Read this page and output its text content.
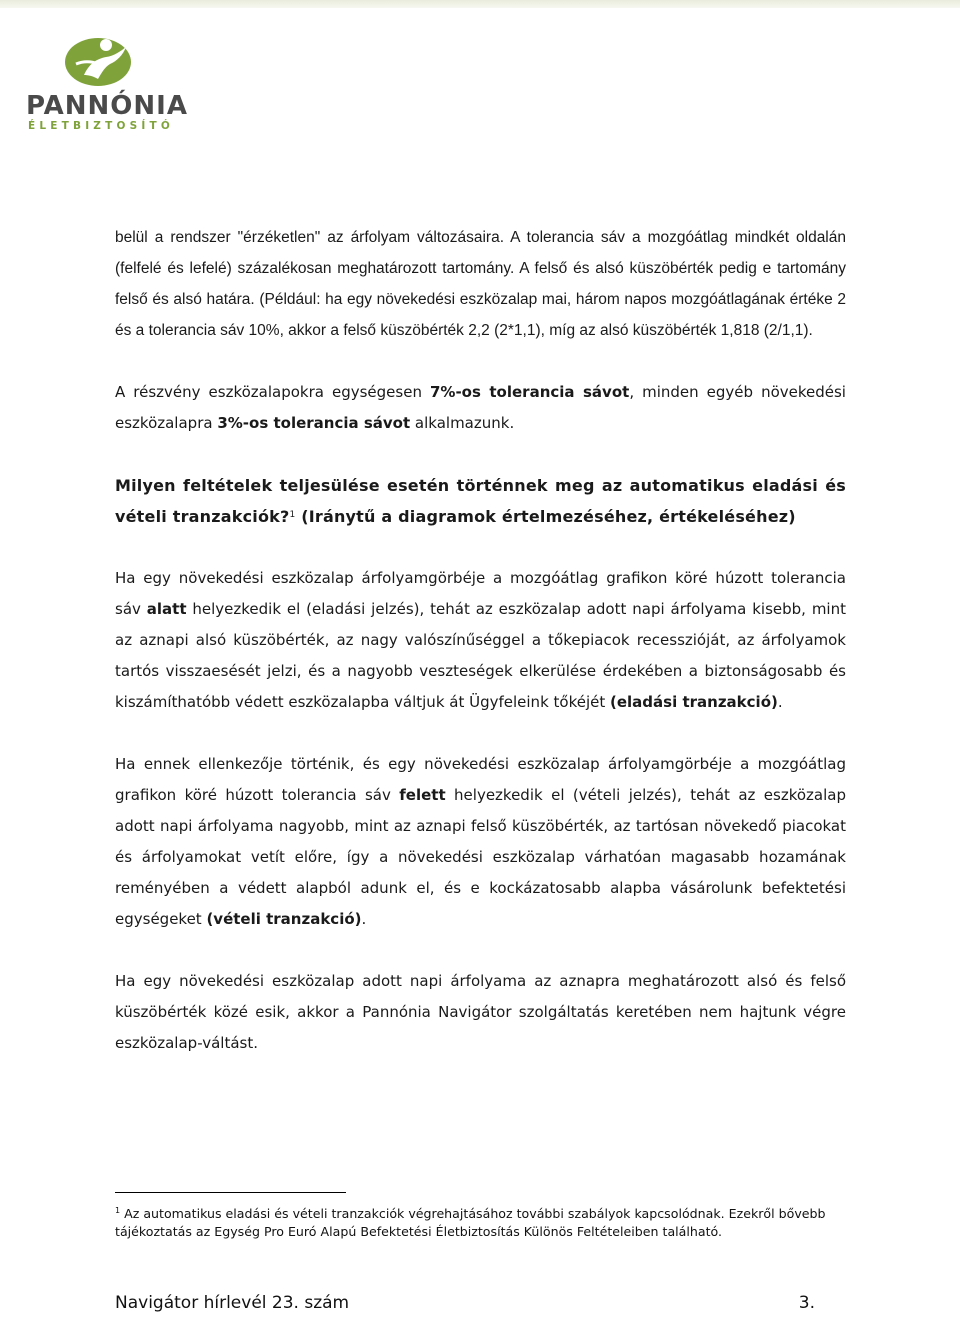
PANNÓNIA
ÉLETBIZTOSÍTÓ

belül a rendszer "érzéketlen" az árfolyam változásaira. A tolerancia sáv a mozgóátlag mindkét oldalán (felfelé és lefelé) százalékosan meghatározott tartomány. A felső és alsó küszöbérték pedig e tartomány felső és alsó határa. (Például: ha egy növekedési eszközalap mai, három napos mozgóátlagának értéke 2 és a tolerancia sáv 10%, akkor a felső küszöbérték 2,2 (2*1,1), míg az alsó küszöbérték 1,818 (2/1,1).

A részvény eszközalapokra egységesen 7%-os tolerancia sávot, minden egyéb növekedési eszközalapra 3%-os tolerancia sávot alkalmazunk.

Milyen feltételek teljesülése esetén történnek meg az automatikus eladási és vételi tranzakciók?$^1$ (Iránytű a diagramok értelmezéséhez, értékeléséhez)

Ha egy növekedési eszközalap árfolyamgörbéje a mozgóátlag grafikon köré húzott tolerancia sáv alatt helyezkedik el (eladási jelzés), tehát az eszközalap adott napi árfolyama kisebb, mint az aznapi alsó küszöbérték, az nagy valószínűséggel a tőkepiacok recesszióját, az árfolyamok tartós visszaesését jelzi, és a nagyobb veszteségek elkerülése érdekében a biztonságosabb és kiszámíthatóbb védett eszközalapba váltjuk át Ügyfeleink tőkéjét (eladási tranzakció).

Ha ennek ellenkezője történik, és egy növekedési eszközalap árfolyamgörbéje a mozgóátlag grafikon köré húzott tolerancia sáv felett helyezkedik el (vételi jelzés), tehát az eszközalap adott napi árfolyama nagyobb, mint az aznapi felső küszöbérték, az tartósan növekedő piacokat és árfolyamokat vetít előre, így a növekedési eszközalap várhatóan magasabb hozamának reményében a védett alapból adunk el, és e kockázatosabb alapba vásárolunk befektetési egységeket (vételi tranzakció).

Ha egy növekedési eszközalap adott napi árfolyama az aznapra meghatározott alsó és felső küszöbérték közé esik, akkor a Pannónia Navigátor szolgáltatás keretében nem hajtunk végre eszközalap-váltást.

$^1$ Az automatikus eladási és vételi tranzakciók végrehajtásához további szabályok kapcsolódnak. Ezekről bővebb tájékoztatás az Egység Pro Euró Alapú Befektetési Életbiztosítás Különös Feltételeiben található.
Navigátor hírlevél 23. szám	3.
